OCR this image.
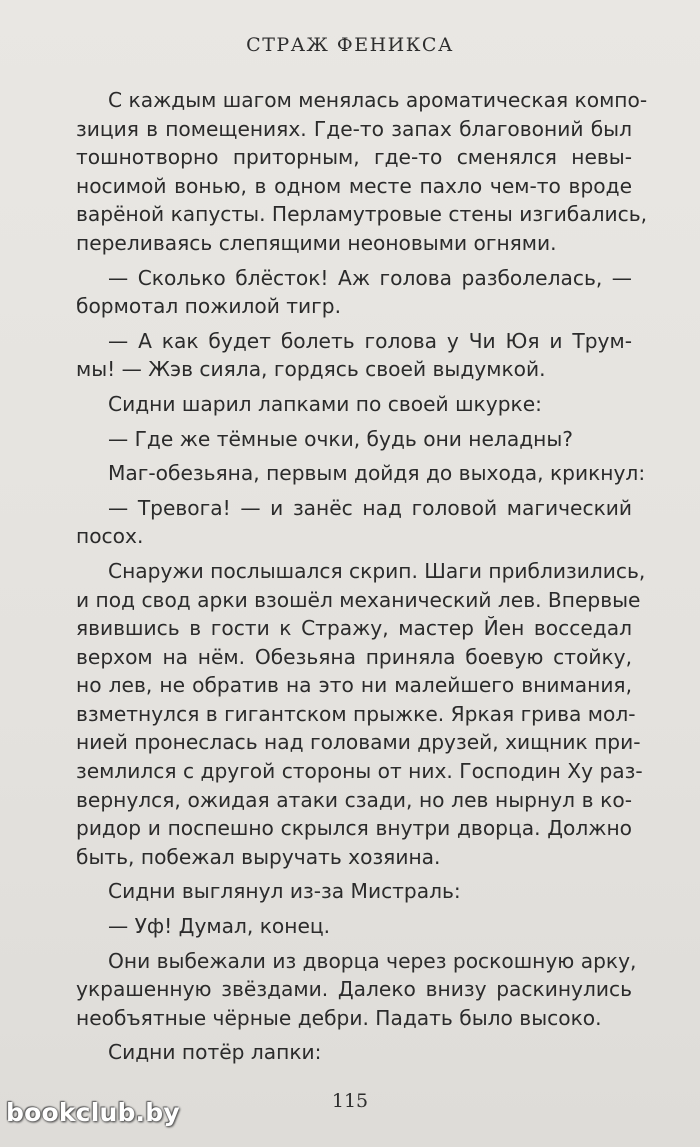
СТРАЖ ФЕНИКСА
С каждым шагом менялась ароматическая компо-
зиция в помещениях. Где-то запах благовоний был
тошнотворно приторным, где-то сменялся невы-
носимой вонью, в одном месте пахло чем-то вроде
варёной капусты. Перламутровые стены изгибались,
переливаясь слепящими неоновыми огнями.
— Сколько блёсток! Аж голова разболелась, —
бормотал пожилой тигр.
— А как будет болеть голова у Чи Юя и Трум-
мы! — Жэв сияла, гордясь своей выдумкой.
Сидни шарил лапками по своей шкурке:
— Где же тёмные очки, будь они неладны?
Маг-обезьяна, первым дойдя до выхода, крикнул:
— Тревога! — и занёс над головой магический
посох.
Снаружи послышался скрип. Шаги приблизились,
и под свод арки взошёл механический лев. Впервые
явившись в гости к Стражу, мастер Йен восседал
верхом на нём. Обезьяна приняла боевую стойку,
но лев, не обратив на это ни малейшего внимания,
взметнулся в гигантском прыжке. Яркая грива мол-
нией пронеслась над головами друзей, хищник при-
землился с другой стороны от них. Господин Ху раз-
вернулся, ожидая атаки сзади, но лев нырнул в ко-
ридор и поспешно скрылся внутри дворца. Должно
быть, побежал выручать хозяина.
Сидни выглянул из-за Мистраль:
— Уф! Думал, конец.
Они выбежали из дворца через роскошную арку,
украшенную звёздами. Далеко внизу раскинулись
необъятные чёрные дебри. Падать было высоко.
Сидни потёр лапки:
115
bookclub.by
